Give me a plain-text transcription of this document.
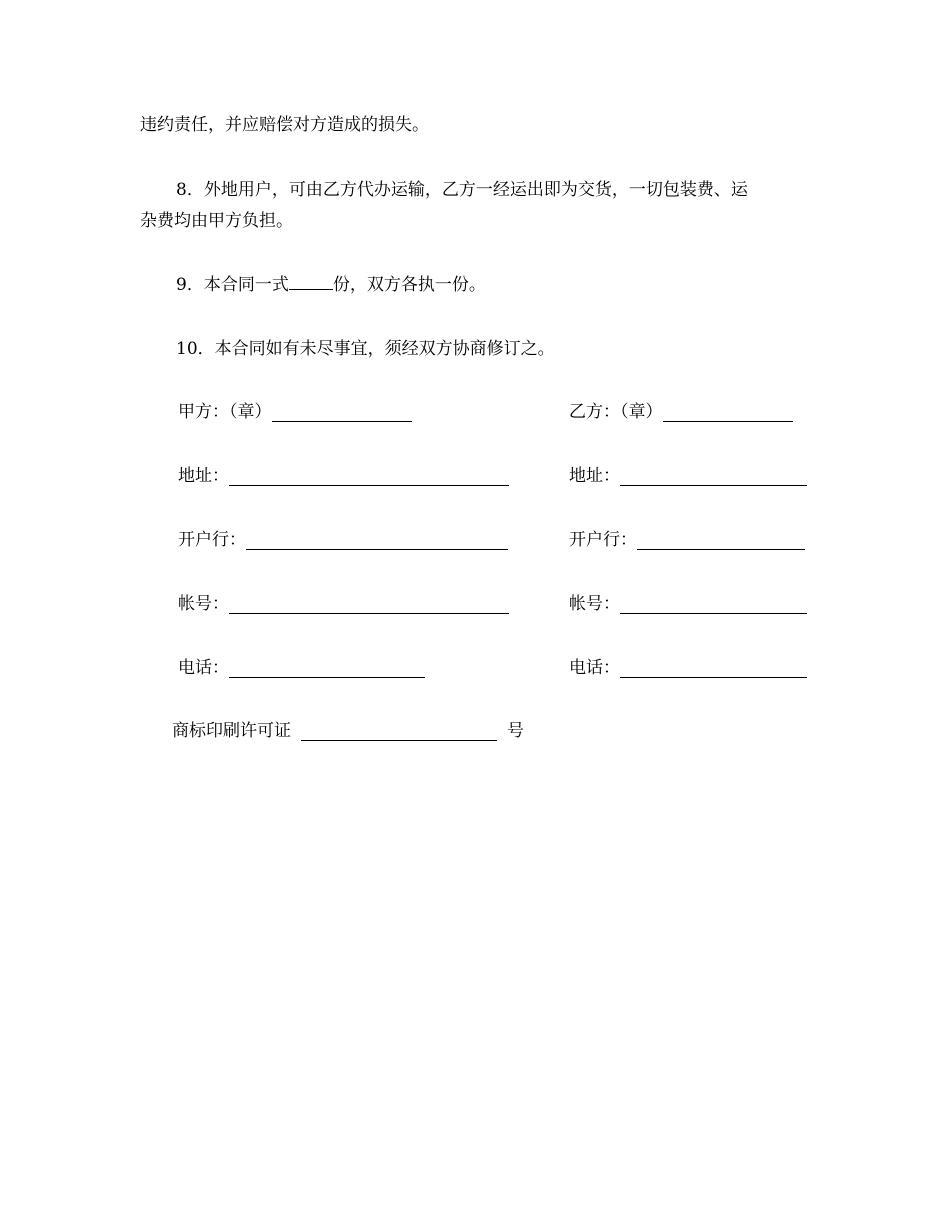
违约责任，并应赔偿对方造成的损失。
8．外地用户，可由乙方代办运输，乙方一经运出即为交货，一切包装费、运
杂费均由甲方负担。
9．本合同一式	份，双方各执一份。
10．本合同如有未尽事宜，须经双方协商修订之。
甲方：（章）
地址：
开户行：
帐号：
电话：
乙方：（章）
地址：
开户行：
帐号：
电话：
商标印刷许可证	号
